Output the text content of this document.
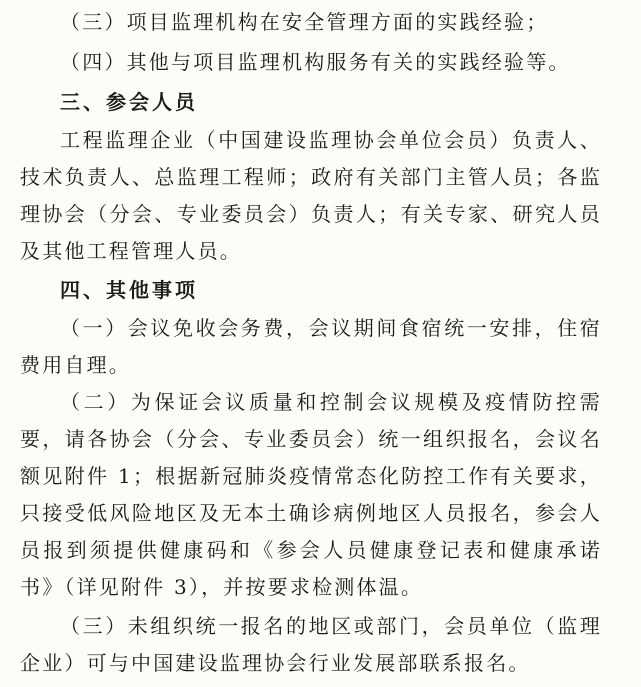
（三）项目监理机构在安全管理方面的实践经验；

（四）其他与项目监理机构服务有关的实践经验等。

三、参会人员

工程监理企业（中国建设监理协会单位会员）负责人、技术负责人、总监理工程师；政府有关部门主管人员；各监理协会（分会、专业委员会）负责人；有关专家、研究人员及其他工程管理人员。

四、其他事项

（一）会议免收会务费，会议期间食宿统一安排，住宿费用自理。

（二）为保证会议质量和控制会议规模及疫情防控需要，请各协会（分会、专业委员会）统一组织报名，会议名额见附件 1；根据新冠肺炎疫情常态化防控工作有关要求，只接受低风险地区及无本土确诊病例地区人员报名，参会人员报到须提供健康码和《参会人员健康登记表和健康承诺书》（详见附件 3），并按要求检测体温。

（三）未组织统一报名的地区或部门，会员单位（监理企业）可与中国建设监理协会行业发展部联系报名。
